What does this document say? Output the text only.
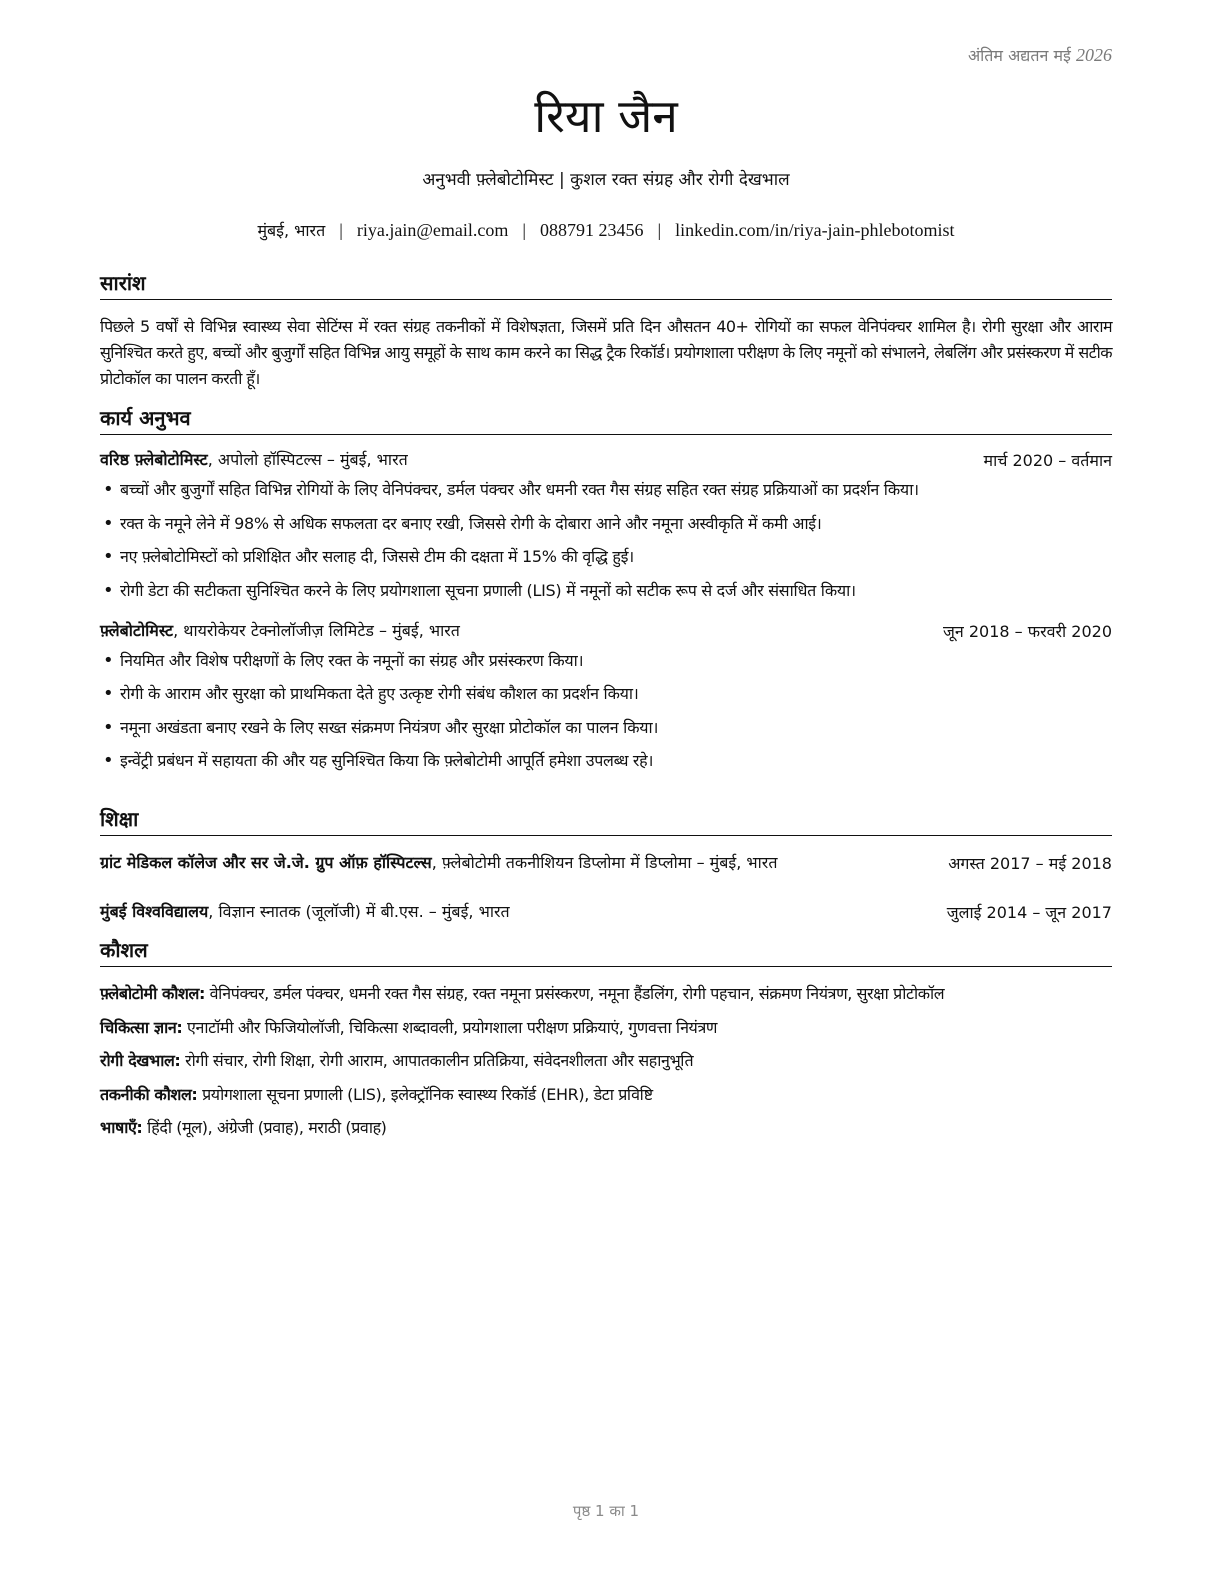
अंतिम अद्यतन मई 2026
रिया जैन
अनुभवी फ़्लेबोटोमिस्ट | कुशल रक्त संग्रह और रोगी देखभाल
मुंबई, भारत | riya.jain@email.com | 088791 23456 | linkedin.com/in/riya-jain-phlebotomist
सारांश

पिछले 5 वर्षों से विभिन्न स्वास्थ्य सेवा सेटिंग्स में रक्त संग्रह तकनीकों में विशेषज्ञता, जिसमें प्रति दिन औसतन 40+ रोगियों का सफल वेनिपंक्चर शामिल है। रोगी सुरक्षा और आराम सुनिश्चित करते हुए, बच्चों और बुजुर्गों सहित विभिन्न आयु समूहों के साथ काम करने का सिद्ध ट्रैक रिकॉर्ड। प्रयोगशाला परीक्षण के लिए नमूनों को संभालने, लेबलिंग और प्रसंस्करण में सटीक प्रोटोकॉल का पालन करती हूँ।

कार्य अनुभव
वरिष्ठ फ़्लेबोटोमिस्ट, अपोलो हॉस्पिटल्स – मुंबई, भारत	मार्च 2020 – वर्तमान
• बच्चों और बुजुर्गों सहित विभिन्न रोगियों के लिए वेनिपंक्चर, डर्मल पंक्चर और धमनी रक्त गैस संग्रह सहित रक्त संग्रह प्रक्रियाओं का प्रदर्शन किया।
• रक्त के नमूने लेने में 98% से अधिक सफलता दर बनाए रखी, जिससे रोगी के दोबारा आने और नमूना अस्वीकृति में कमी आई।
• नए फ़्लेबोटोमिस्टों को प्रशिक्षित और सलाह दी, जिससे टीम की दक्षता में 15% की वृद्धि हुई।
• रोगी डेटा की सटीकता सुनिश्चित करने के लिए प्रयोगशाला सूचना प्रणाली (LIS) में नमूनों को सटीक रूप से दर्ज और संसाधित किया।
फ़्लेबोटोमिस्ट, थायरोकेयर टेक्नोलॉजीज़ लिमिटेड – मुंबई, भारत	जून 2018 – फरवरी 2020
• नियमित और विशेष परीक्षणों के लिए रक्त के नमूनों का संग्रह और प्रसंस्करण किया।
• रोगी के आराम और सुरक्षा को प्राथमिकता देते हुए उत्कृष्ट रोगी संबंध कौशल का प्रदर्शन किया।
• नमूना अखंडता बनाए रखने के लिए सख्त संक्रमण नियंत्रण और सुरक्षा प्रोटोकॉल का पालन किया।
• इन्वेंट्री प्रबंधन में सहायता की और यह सुनिश्चित किया कि फ़्लेबोटोमी आपूर्ति हमेशा उपलब्ध रहे।
शिक्षा
ग्रांट मेडिकल कॉलेज और सर जे.जे. ग्रुप ऑफ़ हॉस्पिटल्स, फ़्लेबोटोमी तकनीशियन डिप्लोमा में डिप्लोमा – मुंबई, भारत	अगस्त 2017 – मई 2018
मुंबई विश्वविद्यालय, विज्ञान स्नातक (जूलॉजी) में बी.एस. – मुंबई, भारत	जुलाई 2014 – जून 2017
कौशल
फ़्लेबोटोमी कौशल: वेनिपंक्चर, डर्मल पंक्चर, धमनी रक्त गैस संग्रह, रक्त नमूना प्रसंस्करण, नमूना हैंडलिंग, रोगी पहचान, संक्रमण नियंत्रण, सुरक्षा प्रोटोकॉल
चिकित्सा ज्ञान: एनाटॉमी और फिजियोलॉजी, चिकित्सा शब्दावली, प्रयोगशाला परीक्षण प्रक्रियाएं, गुणवत्ता नियंत्रण
रोगी देखभाल: रोगी संचार, रोगी शिक्षा, रोगी आराम, आपातकालीन प्रतिक्रिया, संवेदनशीलता और सहानुभूति
तकनीकी कौशल: प्रयोगशाला सूचना प्रणाली (LIS), इलेक्ट्रॉनिक स्वास्थ्य रिकॉर्ड (EHR), डेटा प्रविष्टि
भाषाएँ: हिंदी (मूल), अंग्रेजी (प्रवाह), मराठी (प्रवाह)
पृष्ठ 1 का 1
